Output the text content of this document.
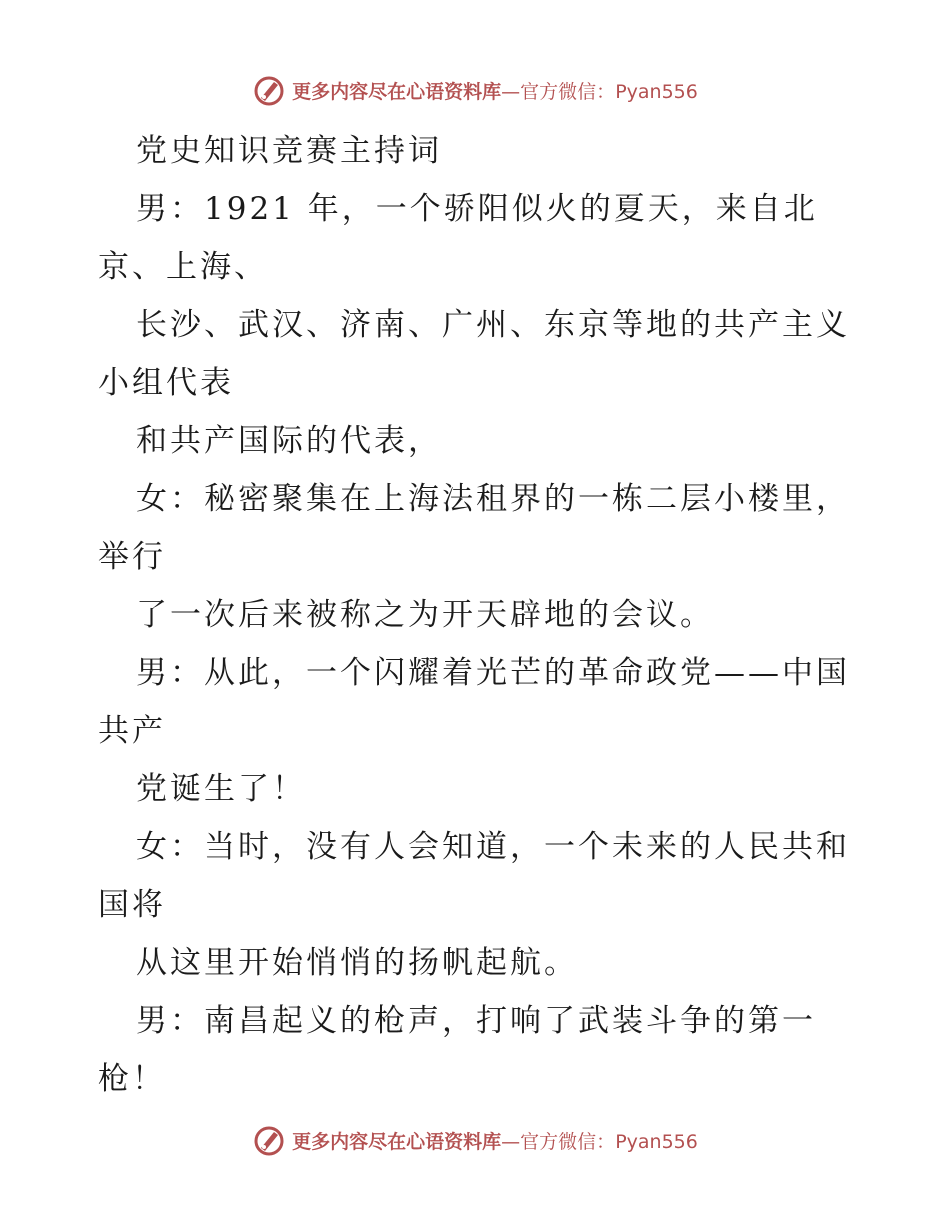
更多内容尽在心语资料库—官方微信：Pyan556
党史知识竞赛主持词
男：1921 年，一个骄阳似火的夏天，来自北
京、上海、
长沙、武汉、济南、广州、东京等地的共产主义
小组代表
和共产国际的代表，
女：秘密聚集在上海法租界的一栋二层小楼里，
举行
了一次后来被称之为开天辟地的会议。
男：从此，一个闪耀着光芒的革命政党——中国
共产
党诞生了！
女：当时，没有人会知道，一个未来的人民共和
国将
从这里开始悄悄的扬帆起航。
男：南昌起义的枪声，打响了武装斗争的第一
枪！
更多内容尽在心语资料库—官方微信：Pyan556
